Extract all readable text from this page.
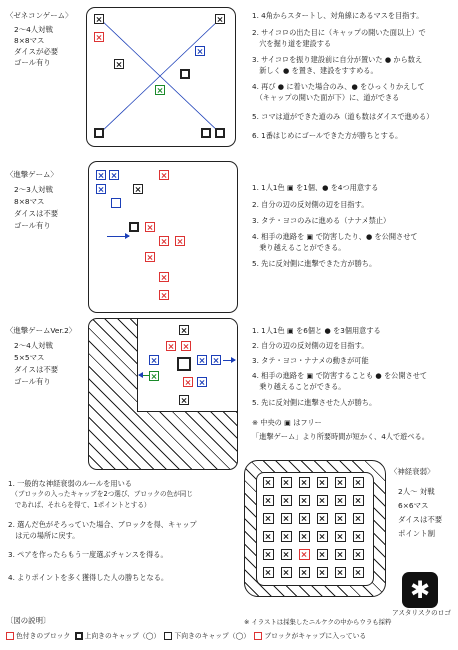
〈ゼネコンゲーム〉
2〜4人対戦
8×8マス
ダイスが必要
ゴール有り
1. 4角からスタートし、対角線にあるマスを目指す。
2. サイコロの出た目に（キャップの開いた面以上）で
　穴を掘り道を建設する
3. サイコロを振り建設前に自分が置いた ● から数え
　新しく ● を置き、建設をすすめる。
4. 再び ● に着いた場合のみ、● をひっくりかえして
　（キャップの開いた面が下）に、道ができる
5. コマは道ができた道のみ（道も数はダイスで進める）
6. 1番はじめにゴールできた方が勝ちとする。
〈進撃ゲーム〉
2〜3人対戦
8×8マス
ダイスは不要
ゴール有り
1. 1人1色 ▣ を1個、● を4つ用意する
2. 自分の辺の反対側の辺を目指す。
3. タテ・ヨコのみに進める（ナナメ禁止）
4. 相手の進路を ▣ で防害したり、● を公開させて
　乗り越えることができる。
5. 先に反対側に進撃できた方が勝ち。
〈進撃ゲームVer.2〉
2〜4人対戦
5×5マス
ダイスは不要
ゴール有り
1. 1人1色 ▣ を6個と ● を3個用意する
2. 自分の辺の反対側の辺を目指す。
3. タテ・ヨコ・ナナメの動きが可能
4. 相手の進路を ▣ で防害することも ● を公開させて
　乗り越えることができる。
5. 先に反対側に進撃させた人が勝ち。
※ 中央の ▣ はフリー
「進撃ゲーム」より所要時間が短かく、4人で遊べる。
1. 一般的な神経衰弱のルールを用いる
　（ブロックの入ったキャップを2つ選び、ブロックの色が同じ
　であれば、それらを得て、1ポイントとする）
2. 選んだ色がそろっていた場合、ブロックを得、キャップ
　は元の場所に戻す。
3. ペアを作ったらもう一度選ぶチャンスを得る。
4. よりポイントを多く獲得した人の勝ちとなる。
〈神経衰弱〉
2人〜 対戦
6×6マス
ダイスは不要
ポイント制
✱
アスタリスクのロゴ
※ イラストは採集したニルケクの中からウラも採粋
〔図の説明〕
色付きのブロック 上向きのキャップ（◯） 下向きのキャップ（◯） ブロックがキャップに入っている
